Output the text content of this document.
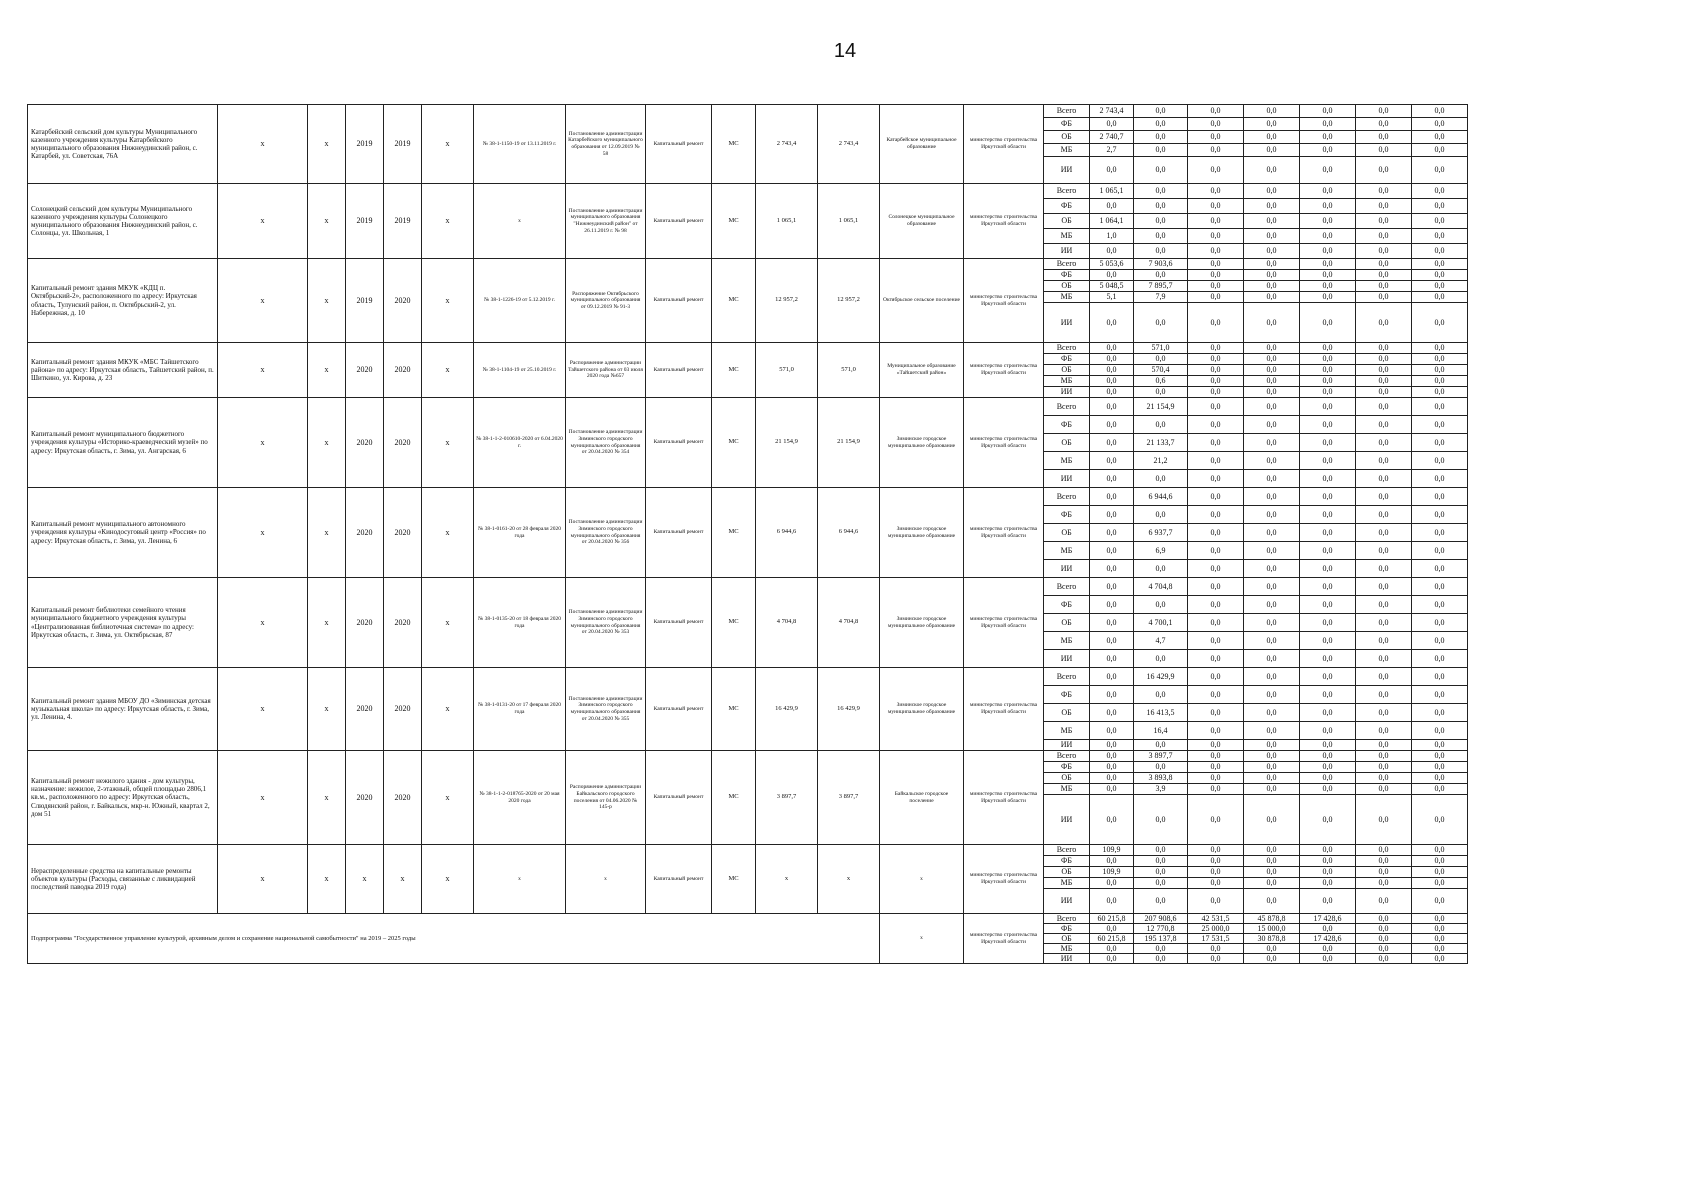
14
Катарбейский сельский дом культуры Муниципального казенного учреждения культуры Катарбейского муниципального образования Нижнеудинский район, с. Катарбей, ул. Советская, 76А	х	х	2019	2019	х	№ 38-1-1150-19 от 13.11.2019 г.	Постановление администрации Катарбейского муниципального образования от 12.09.2019 № 58	Капитальный ремонт	МС	2 743,4	2 743,4	Катарбейское муниципальное образование	министерство строительства Иркутской области	Всего	2 743,4	0,0	0,0	0,0	0,0	0,0	0,0
														ФБ	0,0	0,0	0,0	0,0	0,0	0,0	0,0
														ОБ	2 740,7	0,0	0,0	0,0	0,0	0,0	0,0
														МБ	2,7	0,0	0,0	0,0	0,0	0,0	0,0
														ИИ	0,0	0,0	0,0	0,0	0,0	0,0	0,0
Солонецкий сельский дом культуры Муниципального казенного учреждения культуры Солонецкого муниципального образования Нижнеудинский район, с. Солонцы, ул. Школьная, 1	х	х	2019	2019	х	х	Постановление администрации муниципального образования "Нижнеудинский район" от 26.11.2019 г. № 98	Капитальный ремонт	МС	1 065,1	1 065,1	Солонецкое муниципальное образование	министерство строительства Иркутской области	Всего	1 065,1	0,0	0,0	0,0	0,0	0,0	0,0
														ФБ	0,0	0,0	0,0	0,0	0,0	0,0	0,0
														ОБ	1 064,1	0,0	0,0	0,0	0,0	0,0	0,0
														МБ	1,0	0,0	0,0	0,0	0,0	0,0	0,0
														ИИ	0,0	0,0	0,0	0,0	0,0	0,0	0,0
Капитальный ремонт здания МКУК «КДЦ п. Октябрьский-2», расположенного по адресу: Иркутская область, Тулунский район, п. Октябрьский-2, ул. Набережная, д. 10	х	х	2019	2020	х	№ 38-1-1226-19 от 5.12.2019 г.	Распоряжение Октябрьского муниципального образования от 09.12.2019 № 91-3	Капитальный ремонт	МС	12 957,2	12 957,2	Октябрьское сельское поселение	министерство строительства Иркутской области	Всего	5 053,6	7 903,6	0,0	0,0	0,0	0,0	0,0
														ФБ	0,0	0,0	0,0	0,0	0,0	0,0	0,0
														ОБ	5 048,5	7 895,7	0,0	0,0	0,0	0,0	0,0
														МБ	5,1	7,9	0,0	0,0	0,0	0,0	0,0
														ИИ	0,0	0,0	0,0	0,0	0,0	0,0	0,0
Капитальный ремонт здания МКУК «МБС Тайшетского района» по адресу: Иркутская область, Тайшетский район, п. Шиткино, ул. Кирова, д. 23	х	х	2020	2020	х	№ 38-1-1104-19 от 25.10.2019 г.	Распоряжение администрации Тайшетского района от 03 июля 2020 года №657	Капитальный ремонт	МС	571,0	571,0	Муниципальное образование «Тайшетский район»	министерство строительства Иркутской области	Всего	0,0	571,0	0,0	0,0	0,0	0,0	0,0
														ФБ	0,0	0,0	0,0	0,0	0,0	0,0	0,0
														ОБ	0,0	570,4	0,0	0,0	0,0	0,0	0,0
														МБ	0,0	0,6	0,0	0,0	0,0	0,0	0,0
														ИИ	0,0	0,0	0,0	0,0	0,0	0,0	0,0
Капитальный ремонт муниципального бюджетного учреждения культуры «Историко-краеведческий музей» по адресу: Иркутская область, г. Зима, ул. Ангарская, 6	х	х	2020	2020	х	№ 38-1-1-2-010610-2020 от 6.04.2020 г.	Постановление администрации Зиминского городского муниципального образования от 20.04.2020 № 354	Капитальный ремонт	МС	21 154,9	21 154,9	Зиминское городское муниципальное образование	министерство строительства Иркутской области	Всего	0,0	21 154,9	0,0	0,0	0,0	0,0	0,0
														ФБ	0,0	0,0	0,0	0,0	0,0	0,0	0,0
														ОБ	0,0	21 133,7	0,0	0,0	0,0	0,0	0,0
														МБ	0,0	21,2	0,0	0,0	0,0	0,0	0,0
														ИИ	0,0	0,0	0,0	0,0	0,0	0,0	0,0
Капитальный ремонт муниципального автономного учреждения культуры «Кинодосуговый центр «Россия» по адресу: Иркутская область, г. Зима, ул. Ленина, 6	х	х	2020	2020	х	№ 38-1-0161-20 от 28 февраля 2020 года	Постановление администрации Зиминского городского муниципального образования от 20.04.2020 № 356	Капитальный ремонт	МС	6 944,6	6 944,6	Зиминское городское муниципальное образование	министерство строительства Иркутской области	Всего	0,0	6 944,6	0,0	0,0	0,0	0,0	0,0
														ФБ	0,0	0,0	0,0	0,0	0,0	0,0	0,0
														ОБ	0,0	6 937,7	0,0	0,0	0,0	0,0	0,0
														МБ	0,0	6,9	0,0	0,0	0,0	0,0	0,0
														ИИ	0,0	0,0	0,0	0,0	0,0	0,0	0,0
Капитальный ремонт библиотеки семейного чтения муниципального бюджетного учреждения культуры «Централизованная библиотечная система» по адресу: Иркутская область, г. Зима, ул. Октябрьская, 87	х	х	2020	2020	х	№ 38-1-0135-20 от 18 февраля 2020 года	Постановление администрации Зиминского городского муниципального образования от 20.04.2020 № 353	Капитальный ремонт	МС	4 704,8	4 704,8	Зиминское городское муниципальное образование	министерство строительства Иркутской области	Всего	0,0	4 704,8	0,0	0,0	0,0	0,0	0,0
														ФБ	0,0	0,0	0,0	0,0	0,0	0,0	0,0
														ОБ	0,0	4 700,1	0,0	0,0	0,0	0,0	0,0
														МБ	0,0	4,7	0,0	0,0	0,0	0,0	0,0
														ИИ	0,0	0,0	0,0	0,0	0,0	0,0	0,0
Капитальный ремонт здания МБОУ ДО «Зиминская детская музыкальная школа» по адресу: Иркутская область, г. Зима, ул. Ленина, 4.	х	х	2020	2020	х	№ 38-1-0131-20 от 17 февраля 2020 года	Постановление администрации Зиминского городского муниципального образования от 20.04.2020 № 355	Капитальный ремонт	МС	16 429,9	16 429,9	Зиминское городское муниципальное образование	министерство строительства Иркутской области	Всего	0,0	16 429,9	0,0	0,0	0,0	0,0	0,0
														ФБ	0,0	0,0	0,0	0,0	0,0	0,0	0,0
														ОБ	0,0	16 413,5	0,0	0,0	0,0	0,0	0,0
														МБ	0,0	16,4	0,0	0,0	0,0	0,0	0,0
														ИИ	0,0	0,0	0,0	0,0	0,0	0,0	0,0
Капитальный ремонт нежилого здания - дом культуры, назначение: нежилое, 2-этажный, общей площадью 2806,1 кв.м., расположенного по адресу: Иркутская область, Слюдянский район, г. Байкальск, мкр-н. Южный, квартал 2, дом 51	х	х	2020	2020	х	№ 38-1-1-2-018765-2020 от 20 мая 2020 года	Распоряжение администрации Байкальского городского поселения от 04.06.2020 № 145-р	Капитальный ремонт	МС	3 897,7	3 897,7	Байкальское городское поселение	министерство строительства Иркутской области	Всего	0,0	3 897,7	0,0	0,0	0,0	0,0	0,0
														ФБ	0,0	0,0	0,0	0,0	0,0	0,0	0,0
														ОБ	0,0	3 893,8	0,0	0,0	0,0	0,0	0,0
														МБ	0,0	3,9	0,0	0,0	0,0	0,0	0,0
														ИИ	0,0	0,0	0,0	0,0	0,0	0,0	0,0
Нераспределенные средства на капитальные ремонты объектов культуры (Расходы, связанные с ликвидацией последствий паводка 2019 года)	х	х	х	х	х	х	х	Капитальный ремонт	МС	х	х	х	министерство строительства Иркутской области	Всего	109,9	0,0	0,0	0,0	0,0	0,0	0,0
														ФБ	0,0	0,0	0,0	0,0	0,0	0,0	0,0
														ОБ	109,9	0,0	0,0	0,0	0,0	0,0	0,0
														МБ	0,0	0,0	0,0	0,0	0,0	0,0	0,0
														ИИ	0,0	0,0	0,0	0,0	0,0	0,0	0,0
Подпрограмма "Государственное управление культурой, архивным делом и сохранение национальной самобытности" на 2019 – 2025 годы												х	министерство строительства Иркутской области	Всего	60 215,8	207 908,6	42 531,5	45 878,8	17 428,6	0,0	0,0
														ФБ	0,0	12 770,8	25 000,0	15 000,0	0,0	0,0	0,0
														ОБ	60 215,8	195 137,8	17 531,5	30 878,8	17 428,6	0,0	0,0
														МБ	0,0	0,0	0,0	0,0	0,0	0,0	0,0
														ИИ	0,0	0,0	0,0	0,0	0,0	0,0	0,0
